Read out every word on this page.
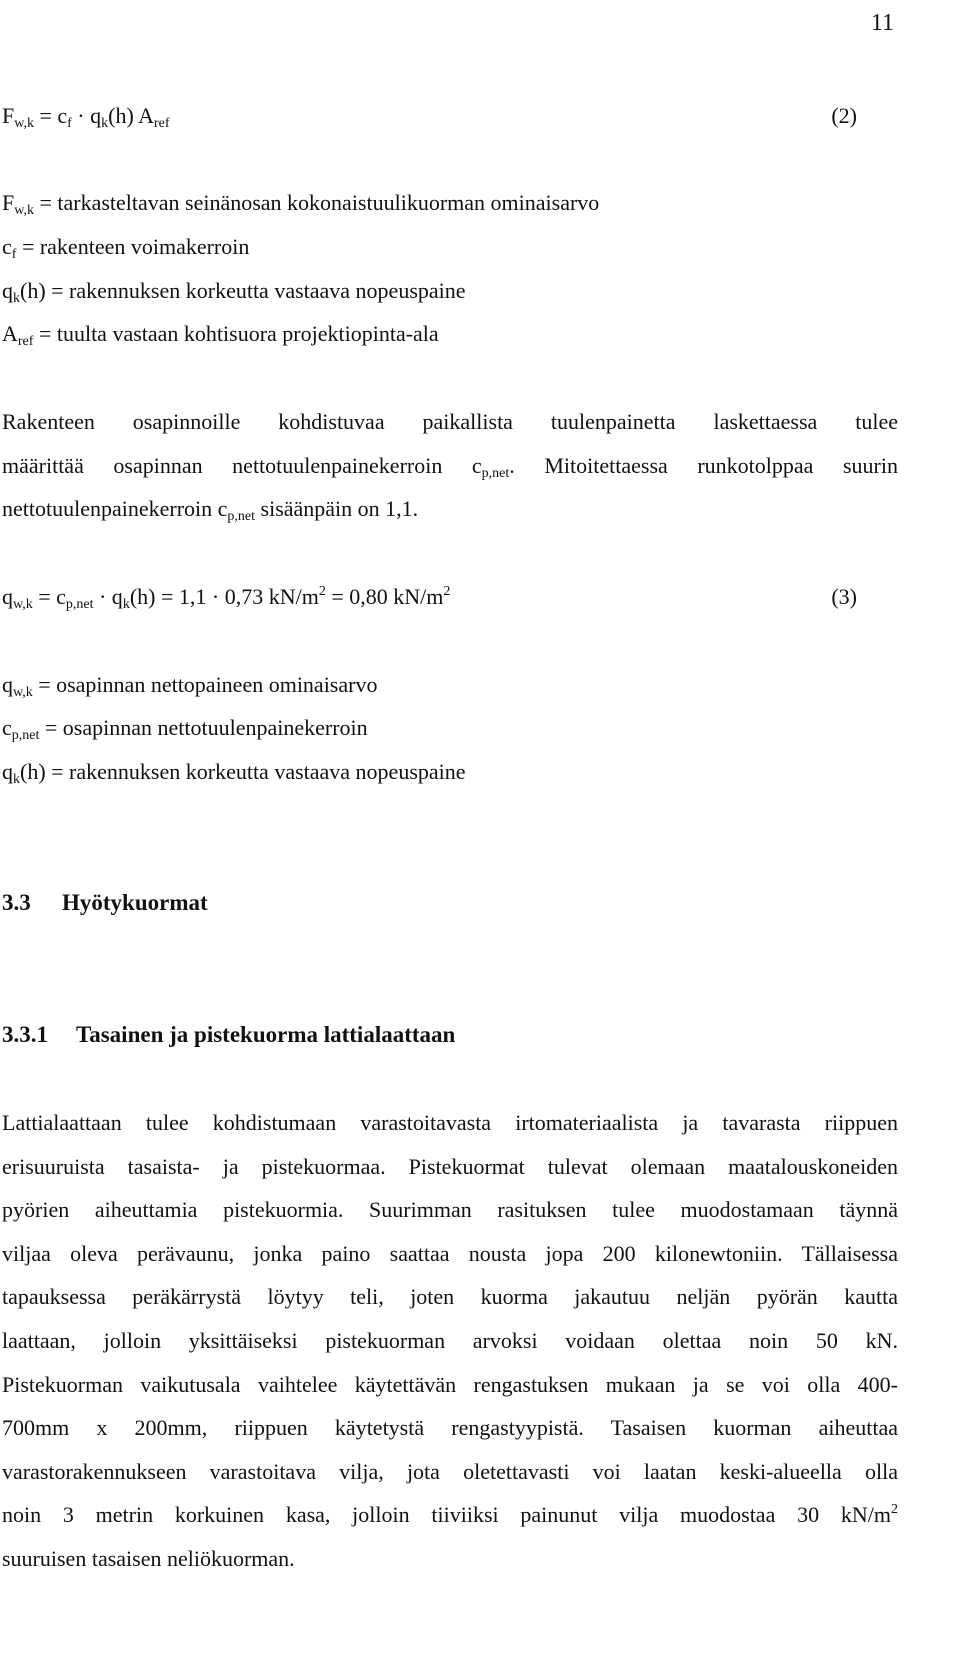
11
$F_{w,k} = c_f \cdot q_k(h)$ $A_{ref}$	(2)
$F_{w,k}$ = tarkasteltavan seinänosan kokonaistuulikuorman ominaisarvo
$c_f$ = rakenteen voimakerroin
$q_k(h)$ = rakennuksen korkeutta vastaava nopeuspaine
$A_{ref}$ = tuulta vastaan kohtisuora projektiopinta-ala
Rakenteen osapinnoille kohdistuvaa paikallista tuulenpainetta laskettaessa tulee
määrittää osapinnan nettotuulenpainekerroin $c_{p,net}$. Mitoitettaessa runkotolppaa suurin
nettotuulenpainekerroin $c_{p,net}$ sisäänpäin on 1,1.
$q_{w,k} = c_{p,net} \cdot q_k(h) = 1,1 \cdot 0,73$ $kN/m^2 = 0,80$ $kN/m^2$	(3)
$q_{w,k}$ = osapinnan nettopaineen ominaisarvo
$c_{p,net}$ = osapinnan nettotuulenpainekerroin
$q_k(h)$ = rakennuksen korkeutta vastaava nopeuspaine
3.3 Hyötykuormat
3.3.1 Tasainen ja pistekuorma lattialaattaan
Lattialaattaan tulee kohdistumaan varastoitavasta irtomateriaalista ja tavarasta riippuen
erisuuruista tasaista- ja pistekuormaa. Pistekuormat tulevat olemaan maatalouskoneiden
pyörien aiheuttamia pistekuormia. Suurimman rasituksen tulee muodostamaan täynnä
viljaa oleva perävaunu, jonka paino saattaa nousta jopa 200 kilonewtoniin. Tällaisessa
tapauksessa peräkärrystä löytyy teli, joten kuorma jakautuu neljän pyörän kautta
laattaan, jolloin yksittäiseksi pistekuorman arvoksi voidaan olettaa noin 50 kN.
Pistekuorman vaikutusala vaihtelee käytettävän rengastuksen mukaan ja se voi olla 400-
700mm x 200mm, riippuen käytetystä rengastyypistä. Tasaisen kuorman aiheuttaa
varastorakennukseen varastoitava vilja, jota oletettavasti voi laatan keski-alueella olla
noin 3 metrin korkuinen kasa, jolloin tiiviiksi painunut vilja muodostaa 30 $kN/m^2$
suuruisen tasaisen neliökuorman.
